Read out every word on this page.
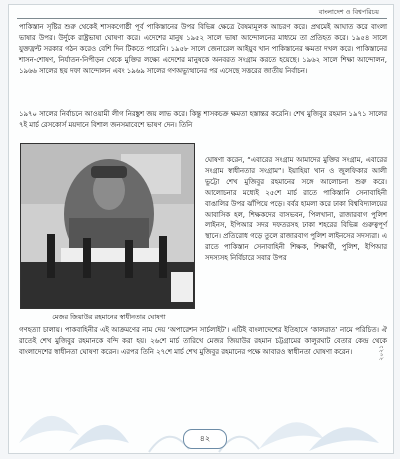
বাংলাদেশ ও বিশ্বপরিচয়

পাকিস্তান সৃষ্টির শুরু থেকেই শাসকগোষ্ঠী পূর্ব পাকিস্তানের উপর বিভিন্ন ক্ষেত্রে বৈষম্যমূলক আচরণ করে। প্রথমেই আঘাত করে বাংলা ভাষার উপর। উর্দুকে রাষ্ট্রভাষা ঘোষণা করে। এদেশের মানুষ ১৯৫২ সালে ভাষা আন্দোলনের মাধ্যমে তা প্রতিহত করে। ১৯৫৪ সালে যুক্তফ্রন্ট সরকার গঠন করেও বেশি দিন টিকতে পারেনি। ১৯৫৮ সালে জেনারেল আইয়ুব খান পাকিস্তানের ক্ষমতা দখল করে। পাকিস্তানের শাসন-শোষণ, নির্যাতন-নিপীড়ন থেকে মুক্তির লক্ষ্যে এদেশের মানুষকে অনবরত সংগ্রাম করতে হয়েছে। ১৯৬২ সালে শিক্ষা আন্দোলন, ১৯৬৬ সালের ছয় দফা আন্দোলন এবং ১৯৬৯ সালের গণঅভ্যুত্থানের পর এসেছে সত্তরের জাতীয় নির্বাচন।

১৯৭০ সালের নির্বাচনে আওয়ামী লীগ নিরঙ্কুশ জয় লাভ করে। কিন্তু শাসকচক্র ক্ষমতা হস্তান্তর করেনি। শেখ মুজিবুর রহমান ১৯৭১ সালের ৭ই মার্চ রেসকোর্স ময়দানে বিশাল জনসমাবেশে ভাষণ দেন। তিনি

ঘোষণা করেন, “এবারের সংগ্রাম আমাদের মুক্তির সংগ্রাম, এবারের সংগ্রাম স্বাধীনতার সংগ্রাম”। ইয়াহিয়া খান ও জুলফিকার আলী ভুট্টো শেখ মুজিবুর রহমানের সঙ্গে আলোচনা শুরু করে। আলোচনার মধ্যেই ২৫শে মার্চ রাতে পাকিস্তানি সেনাবাহিনী বাঙালির উপর ঝাঁপিয়ে পড়ে। বর্বর হামলা করে ঢাকা বিশ্ববিদ্যালয়ের আবাসিক হল, শিক্ষকদের বাসভবন, পিলখানা, রাজারবাগ পুলিশ লাইনস, ইপিআর সদর দফতরসহ ঢাকা শহরের বিভিন্ন গুরুত্বপূর্ণ স্থানে। প্রতিরোধ গড়ে তুলে রাজারবাগ পুলিশ লাইনসের সদস্যরা। এ রাতে পাকিস্তান সেনাবাহিনী শিক্ষক, শিক্ষার্থী, পুলিশ, ইপিআর সদস্যসহ নির্বিচারে সবার উপর

মেজর জিয়াউর রহমানের স্বাধীনতার ঘোষণা

গণহত্যা চালায়। পাকবাহিনীর এই আক্রমণের নাম দেয় ‘অপারেশন সার্চলাইট’। এটিই বাংলাদেশের ইতিহাসে ‘কালরাত’ নামে পরিচিত। ঐ রাতেই শেখ মুজিবুর রহমানকে বন্দি করা হয়। ২৬শে মার্চ তারিখে মেজর জিয়াউর রহমান চট্টগ্রামের কালুরঘাট বেতার কেন্দ্র থেকে বাংলাদেশের স্বাধীনতা ঘোষণা করেন। এরপর তিনি ২৭শে মার্চ শেখ মুজিবুর রহমানের পক্ষে আবারও স্বাধীনতা ঘোষণা করেন।	২০২১
৪২
